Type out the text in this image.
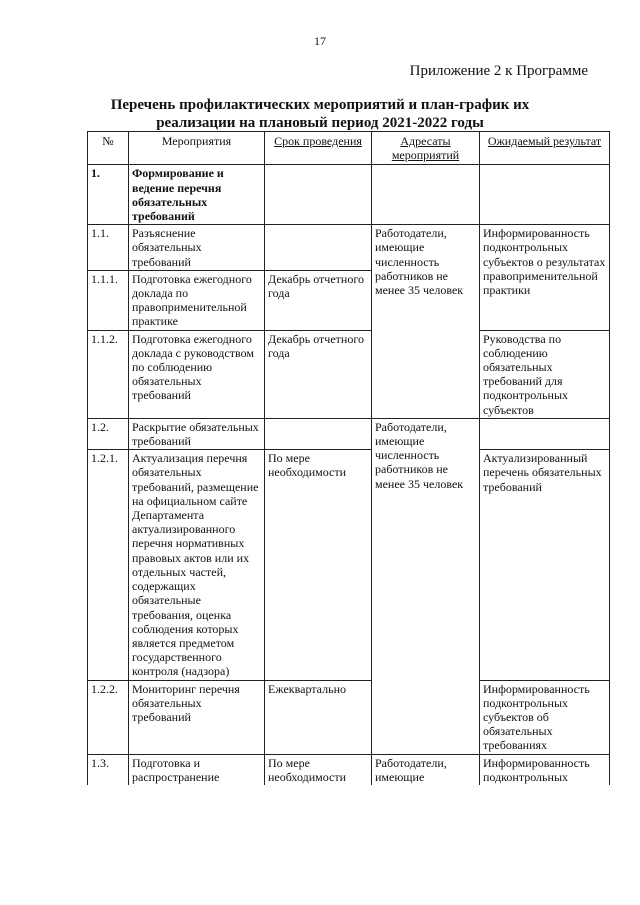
17
Приложение 2 к Программе
Перечень профилактических мероприятий и план-график их
реализации на плановый период 2021-2022 годы
№	Мероприятия	Срок проведения	Адресаты мероприятий	Ожидаемый результат
1.	Формирование и ведение перечня обязательных требований			
1.1.	Разъяснение обязательных требований		Работодатели, имеющие численность работников не менее 35 человек	Информированность подконтрольных субъектов о результатах правоприменительной практики
1.1.1.	Подготовка ежегодного доклада по правоприменительной практике	Декабрь отчетного года		
1.1.2.	Подготовка ежегодного доклада с руководством по соблюдению обязательных требований	Декабрь отчетного года		Руководства по соблюдению обязательных требований для подконтрольных субъектов
1.2.	Раскрытие обязательных требований		Работодатели, имеющие численность работников не менее 35 человек	
1.2.1.	Актуализация перечня обязательных требований, размещение на официальном сайте Департамента актуализированного перечня нормативных правовых актов или их отдельных частей, содержащих обязательные требования, оценка соблюдения которых является предметом государственного контроля (надзора)	По мере необходимости		Актуализированный перечень обязательных требований
1.2.2.	Мониторинг перечня обязательных требований	Ежеквартально		Информированность подконтрольных субъектов об обязательных требованиях

1.3.	Подготовка и распространение	По мере необходимости	Работодатели, имеющие	Информированность подконтрольных
